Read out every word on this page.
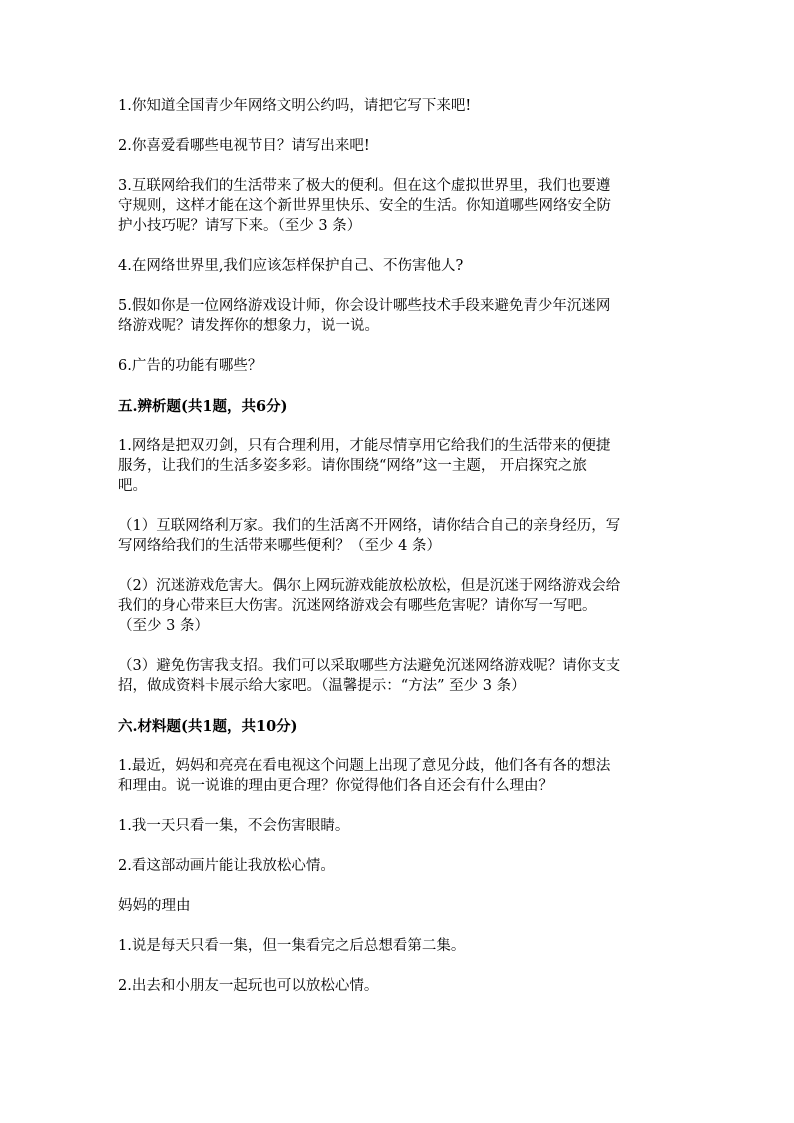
1.你知道全国青少年网络文明公约吗，请把它写下来吧!
2.你喜爱看哪些电视节目？请写出来吧!
3.互联网给我们的生活带来了极大的便利。但在这个虚拟世界里，我们也要遵
守规则，这样才能在这个新世界里快乐、安全的生活。你知道哪些网络安全防
护小技巧呢？请写下来。（至少 3 条）
4.在网络世界里,我们应该怎样保护自己、不伤害他人?
5.假如你是一位网络游戏设计师，你会设计哪些技术手段来避免青少年沉迷网
络游戏呢？请发挥你的想象力，说一说。
6.广告的功能有哪些？
五.辨析题(共1题，共6分)
1.网络是把双刃剑，只有合理利用，才能尽情享用它给我们的生活带来的便捷
服务，让我们的生活多姿多彩。请你围绕“网络”这一主题， 开启探究之旅
吧。
（1）互联网络利万家。我们的生活离不开网络，请你结合自己的亲身经历，写
写网络给我们的生活带来哪些便利？（至少 4 条）
（2）沉迷游戏危害大。偶尔上网玩游戏能放松放松，但是沉迷于网络游戏会给
我们的身心带来巨大伤害。沉迷网络游戏会有哪些危害呢？请你写一写吧。
（至少 3 条）
（3）避免伤害我支招。我们可以采取哪些方法避免沉迷网络游戏呢？请你支支
招，做成资料卡展示给大家吧。（温馨提示：“方法” 至少 3 条）
六.材料题(共1题，共10分)
1.最近，妈妈和亮亮在看电视这个问题上出现了意见分歧，他们各有各的想法
和理由。说一说谁的理由更合理？你觉得他们各自还会有什么理由？
1.我一天只看一集，不会伤害眼睛。
2.看这部动画片能让我放松心情。
妈妈的理由
1.说是每天只看一集，但一集看完之后总想看第二集。
2.出去和小朋友一起玩也可以放松心情。
